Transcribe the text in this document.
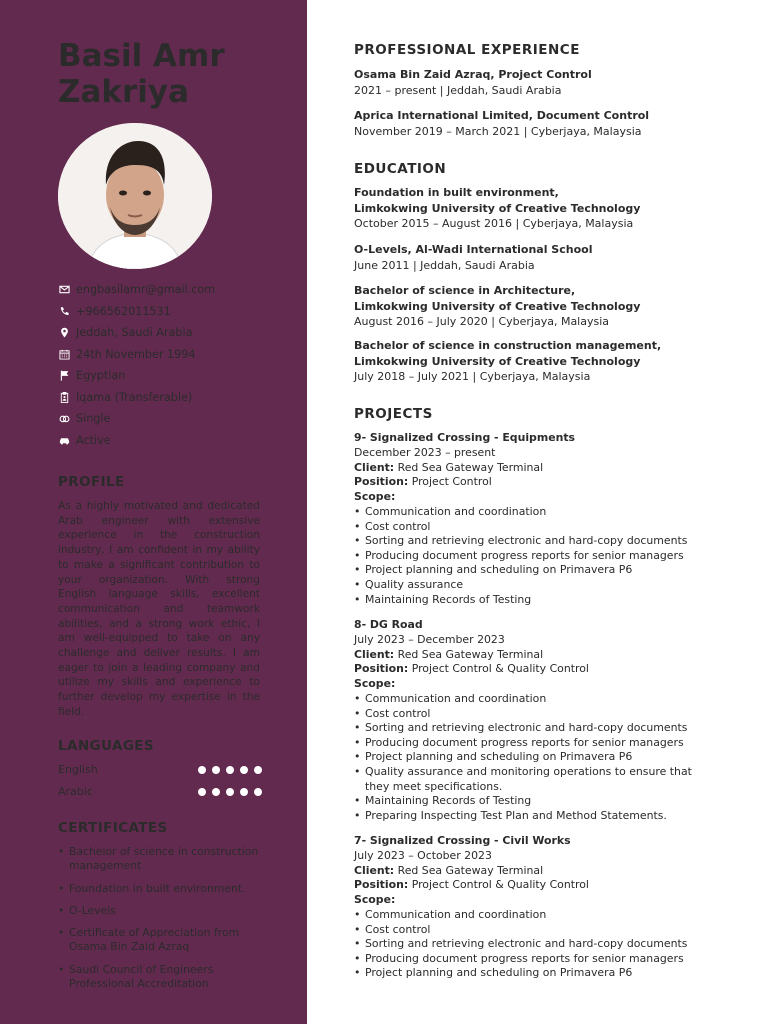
Basil Amr
Zakriya
engbasilamr@gmail.com
+966562011531
Jeddah, Saudi Arabia
24th November 1994
Egyptian
Iqama (Transferable)
Single
Active
PROFILE
As a highly motivated and dedicated Arab engineer with extensive experience in the construction industry, I am confident in my ability to make a significant contribution to your organization. With strong English language skills, excellent communication and teamwork abilities, and a strong work ethic, I am well-equipped to take on any challenge and deliver results. I am eager to join a leading company and utilize my skills and experience to further develop my expertise in the field.
LANGUAGES
English
Arabic
CERTIFICATES
• Bachelor of science in construction management
• Foundation in built environment.
• O-Levels
• Certificate of Appreciation from Osama Bin Zaid Azraq
• Saudi Council of Engineers Professional Accreditation
PROFESSIONAL EXPERIENCE
Osama Bin Zaid Azraq, Project Control
2021 – present | Jeddah, Saudi Arabia
Aprica International Limited, Document Control
November 2019 – March 2021 | Cyberjaya, Malaysia
EDUCATION
Foundation in built environment,
Limkokwing University of Creative Technology
October 2015 – August 2016 | Cyberjaya, Malaysia
O-Levels, Al-Wadi International School
June 2011 | Jeddah, Saudi Arabia
Bachelor of science in Architecture,
Limkokwing University of Creative Technology
August 2016 – July 2020 | Cyberjaya, Malaysia
Bachelor of science in construction management,
Limkokwing University of Creative Technology
July 2018 – July 2021 | Cyberjaya, Malaysia
PROJECTS
9- Signalized Crossing - Equipments
December 2023 – present
Client: Red Sea Gateway Terminal
Position: Project Control
Scope:
• Communication and coordination
• Cost control
• Sorting and retrieving electronic and hard-copy documents
• Producing document progress reports for senior managers
• Project planning and scheduling on Primavera P6
• Quality assurance
• Maintaining Records of Testing
8- DG Road
July 2023 – December 2023
Client: Red Sea Gateway Terminal
Position: Project Control & Quality Control
Scope:
• Communication and coordination
• Cost control
• Sorting and retrieving electronic and hard-copy documents
• Producing document progress reports for senior managers
• Project planning and scheduling on Primavera P6
• Quality assurance and monitoring operations to ensure that they meet specifications.
• Maintaining Records of Testing
• Preparing Inspecting Test Plan and Method Statements.
7- Signalized Crossing - Civil Works
July 2023 – October 2023
Client: Red Sea Gateway Terminal
Position: Project Control & Quality Control
Scope:
• Communication and coordination
• Cost control
• Sorting and retrieving electronic and hard-copy documents
• Producing document progress reports for senior managers
• Project planning and scheduling on Primavera P6
